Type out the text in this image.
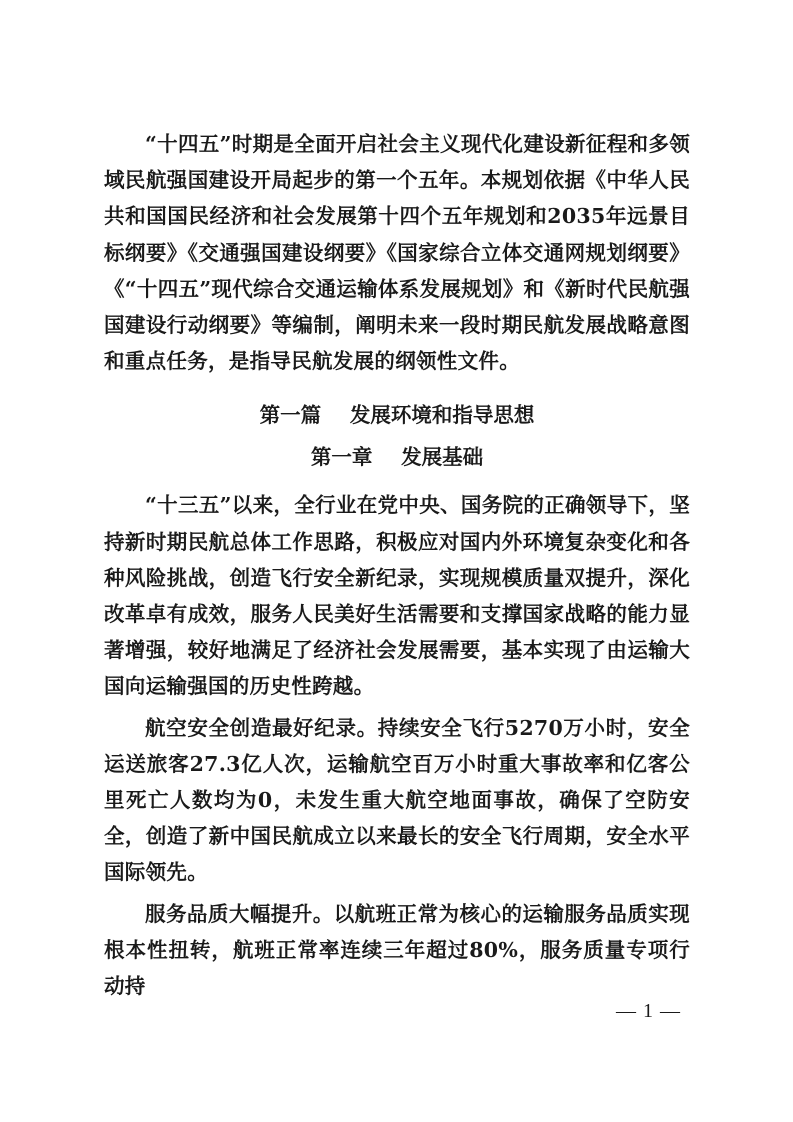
“十四五”时期是全面开启社会主义现代化建设新征程和多领域民航强国建设开局起步的第一个五年。本规划依据《中华人民共和国国民经济和社会发展第十四个五年规划和2035年远景目标纲要》《交通强国建设纲要》《国家综合立体交通网规划纲要》《“十四五”现代综合交通运输体系发展规划》和《新时代民航强国建设行动纲要》等编制，阐明未来一段时期民航发展战略意图和重点任务，是指导民航发展的纲领性文件。

第一篇 发展环境和指导思想
第一章 发展基础

“十三五”以来，全行业在党中央、国务院的正确领导下，坚持新时期民航总体工作思路，积极应对国内外环境复杂变化和各种风险挑战，创造飞行安全新纪录，实现规模质量双提升，深化改革卓有成效，服务人民美好生活需要和支撑国家战略的能力显著增强，较好地满足了经济社会发展需要，基本实现了由运输大国向运输强国的历史性跨越。

航空安全创造最好纪录。持续安全飞行5270万小时，安全运送旅客27.3亿人次，运输航空百万小时重大事故率和亿客公里死亡人数均为0，未发生重大航空地面事故，确保了空防安全，创造了新中国民航成立以来最长的安全飞行周期，安全水平国际领先。

服务品质大幅提升。以航班正常为核心的运输服务品质实现根本性扭转，航班正常率连续三年超过80%，服务质量专项行动持

— 1 —
